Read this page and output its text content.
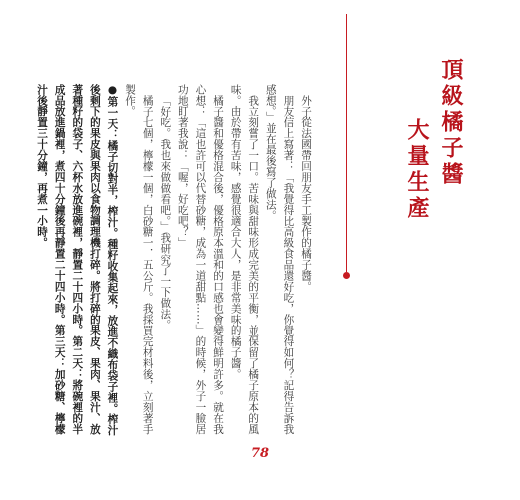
頂級橘子醬
大量生產

外子從法國帶回朋友手工製作的橘子醬。

朋友信上寫著：「我覺得比高級食品還好吃，你覺得如何？記得告訴我感想。」並在最後寫了做法。

我立刻嘗了一口。苦味與甜味形成完美的平衡，並保留了橘子原本的風味。由於帶有苦味，感覺很適合大人，是非常美味的橘子醬。

橘子醬和優格混合後，優格原本溫和的口感也會變得鮮明許多。就在我心想：「這也許可以代替砂糖，成為一道甜點……」的時候，外子一臉居功地盯著我說：「喔，好吃吧？」

「好吃。我也來做做看吧。」我研究了一下做法。

橘子七個，檸檬一個，白砂糖一．五公斤。我採買完材料後，立刻著手製作。

●第一天：橘子切對半，榨汁。種籽收集起來，放進不織布袋子裡。榨汁後剩下的果皮與果肉以食物調理機打碎。將打碎的果皮、果肉、果汁、放著種籽的袋子、六杯水放進碗裡，靜置二十四小時。第二天：將碗裡的半成品放進鍋裡，煮四十分鐘後再靜置二十四小時。第三天：加砂糖、檸檬汁後靜置三十分鐘，再煮一小時。

78
